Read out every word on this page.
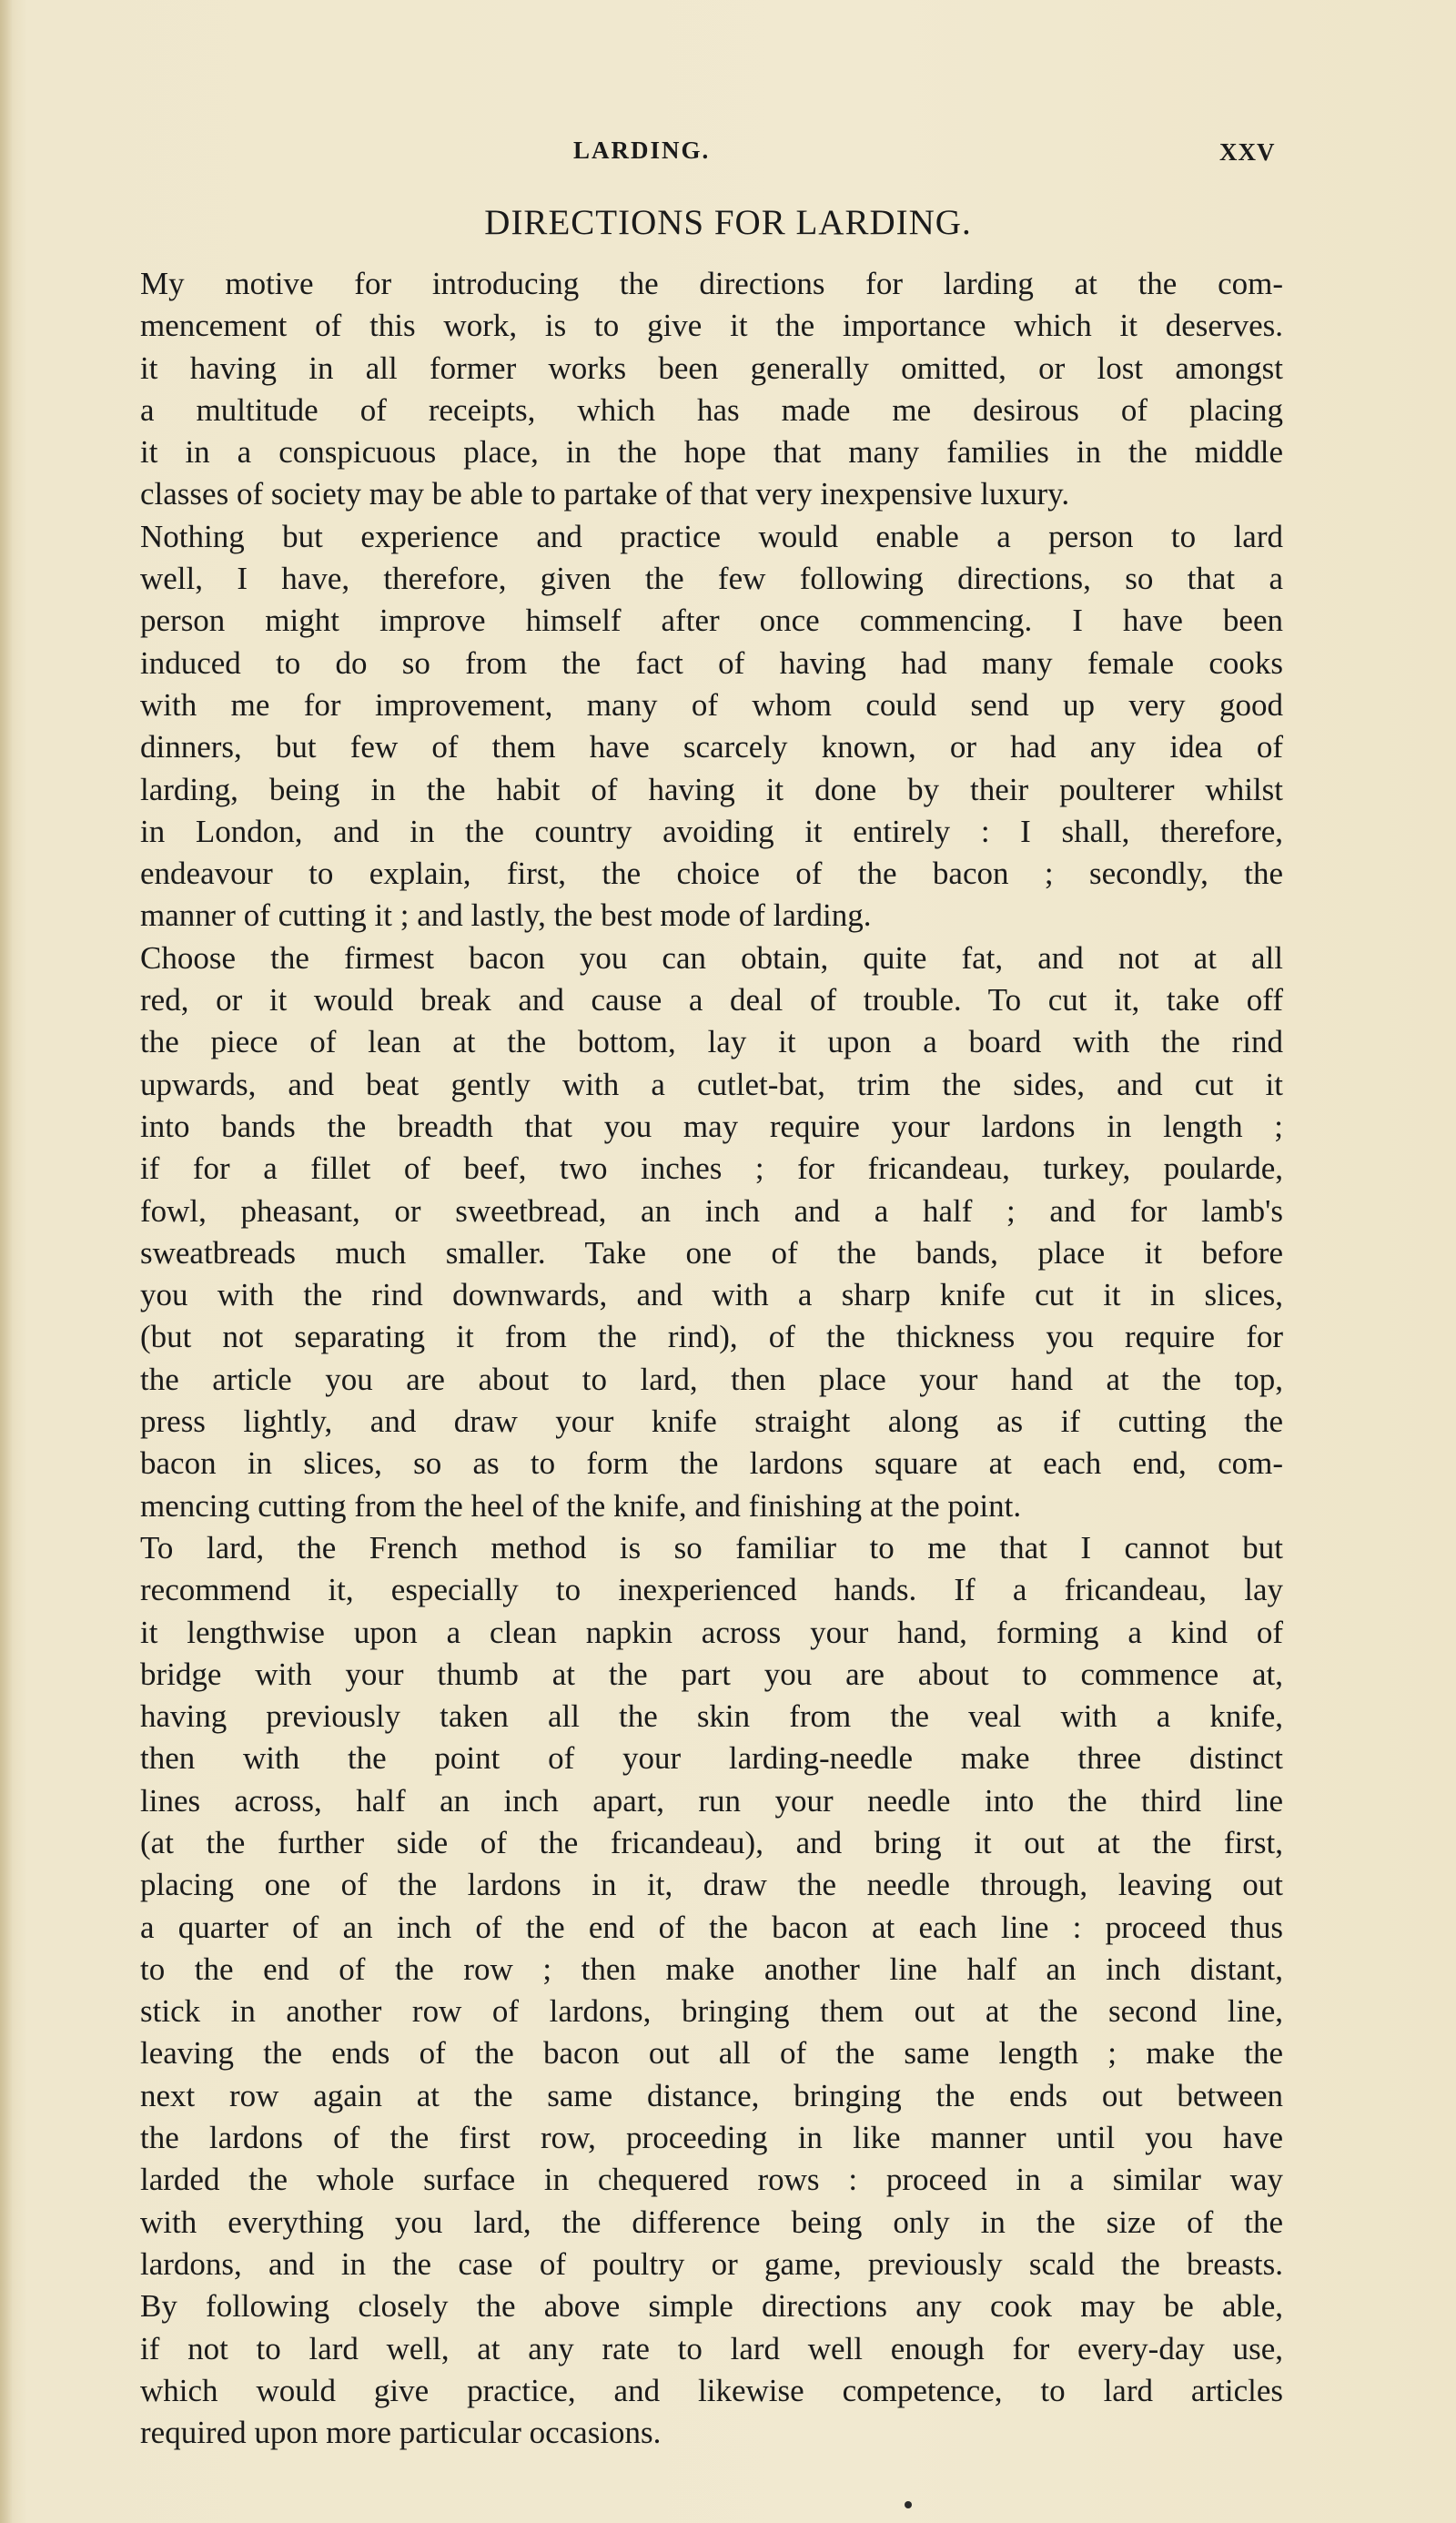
LARDING.	XXV
DIRECTIONS FOR LARDING.
My motive for introducing the directions for larding at the com-
mencement of this work, is to give it the importance which it deserves.
it having in all former works been generally omitted, or lost amongst
a multitude of receipts, which has made me desirous of placing
it in a conspicuous place, in the hope that many families in the middle
classes of society may be able to partake of that very inexpensive luxury.
Nothing but experience and practice would enable a person to lard
well, I have, therefore, given the few following directions, so that a
person might improve himself after once commencing. I have been
induced to do so from the fact of having had many female cooks
with me for improvement, many of whom could send up very good
dinners, but few of them have scarcely known, or had any idea of
larding, being in the habit of having it done by their poulterer whilst
in London, and in the country avoiding it entirely : I shall, therefore,
endeavour to explain, first, the choice of the bacon ; secondly, the
manner of cutting it ; and lastly, the best mode of larding.
Choose the firmest bacon you can obtain, quite fat, and not at all
red, or it would break and cause a deal of trouble. To cut it, take off
the piece of lean at the bottom, lay it upon a board with the rind
upwards, and beat gently with a cutlet-bat, trim the sides, and cut it
into bands the breadth that you may require your lardons in length ;
if for a fillet of beef, two inches ; for fricandeau, turkey, poularde,
fowl, pheasant, or sweetbread, an inch and a half ; and for lamb's
sweatbreads much smaller. Take one of the bands, place it before
you with the rind downwards, and with a sharp knife cut it in slices,
(but not separating it from the rind), of the thickness you require for
the article you are about to lard, then place your hand at the top,
press lightly, and draw your knife straight along as if cutting the
bacon in slices, so as to form the lardons square at each end, com-
mencing cutting from the heel of the knife, and finishing at the point.
To lard, the French method is so familiar to me that I cannot but
recommend it, especially to inexperienced hands. If a fricandeau, lay
it lengthwise upon a clean napkin across your hand, forming a kind of
bridge with your thumb at the part you are about to commence at,
having previously taken all the skin from the veal with a knife,
then with the point of your larding-needle make three distinct
lines across, half an inch apart, run your needle into the third line
(at the further side of the fricandeau), and bring it out at the first,
placing one of the lardons in it, draw the needle through, leaving out
a quarter of an inch of the end of the bacon at each line : proceed thus
to the end of the row ; then make another line half an inch distant,
stick in another row of lardons, bringing them out at the second line,
leaving the ends of the bacon out all of the same length ; make the
next row again at the same distance, bringing the ends out between
the lardons of the first row, proceeding in like manner until you have
larded the whole surface in chequered rows : proceed in a similar way
with everything you lard, the difference being only in the size of the
lardons, and in the case of poultry or game, previously scald the breasts.
By following closely the above simple directions any cook may be able,
if not to lard well, at any rate to lard well enough for every-day use,
which would give practice, and likewise competence, to lard articles
required upon more particular occasions.
